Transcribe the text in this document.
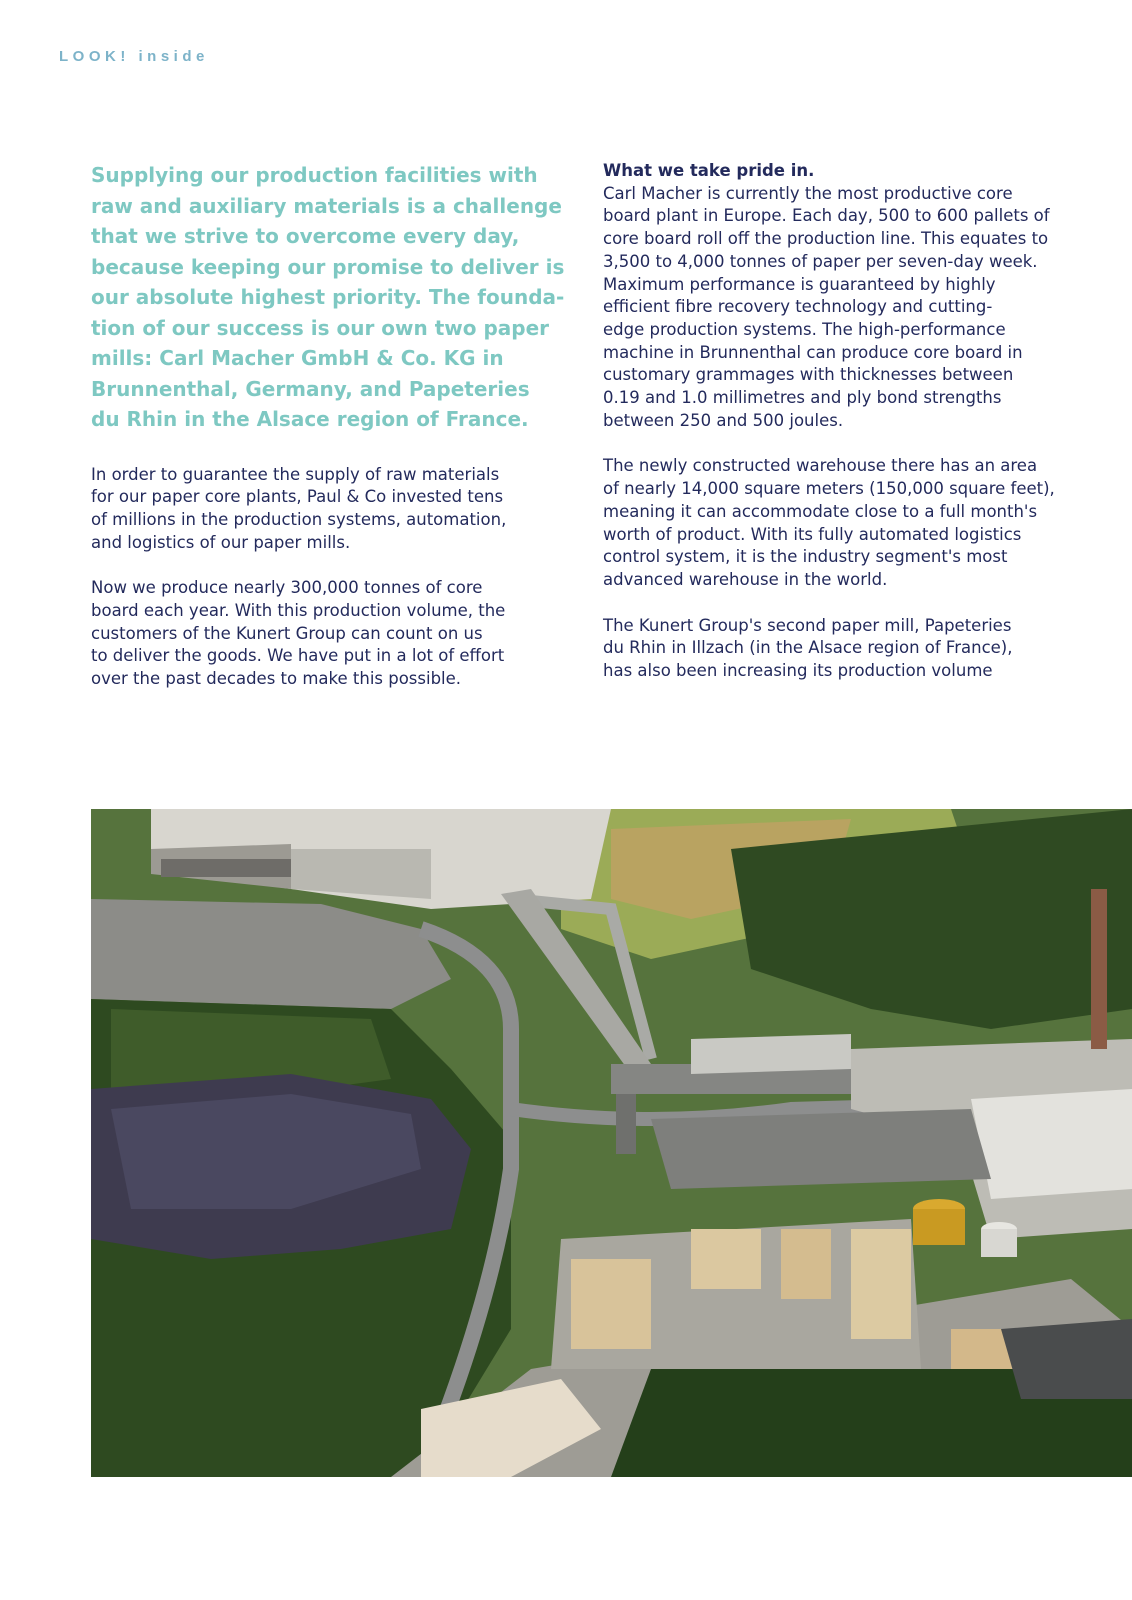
LOOK! inside

Supplying our production facilities with
raw and auxiliary materials is a challenge
that we strive to overcome every day,
because keeping our promise to deliver is
our absolute highest priority. The founda-
tion of our success is our own two paper
mills: Carl Macher GmbH & Co. KG in
Brunnenthal, Germany, and Papeteries
du Rhin in the Alsace region of France.

In order to guarantee the supply of raw materials
for our paper core plants, Paul & Co invested tens
of millions in the production systems, automation,
and logistics of our paper mills.

Now we produce nearly 300,000 tonnes of core
board each year. With this production volume, the
customers of the Kunert Group can count on us
to deliver the goods. We have put in a lot of effort
over the past decades to make this possible.

What we take pride in.
Carl Macher is currently the most productive core
board plant in Europe. Each day, 500 to 600 pallets of
core board roll off the production line. This equates to
3,500 to 4,000 tonnes of paper per seven-day week.
Maximum performance is guaranteed by highly
efficient fibre recovery technology and cutting-
edge production systems. The high-performance
machine in Brunnenthal can produce core board in
customary grammages with thicknesses between
0.19 and 1.0 millimetres and ply bond strengths
between 250 and 500 joules.

The newly constructed warehouse there has an area
of nearly 14,000 square meters (150,000 square feet),
meaning it can accommodate close to a full month's
worth of product. With its fully automated logistics
control system, it is the industry segment's most
advanced warehouse in the world.

The Kunert Group's second paper mill, Papeteries
du Rhin in Illzach (in the Alsace region of France),
has also been increasing its production volume
